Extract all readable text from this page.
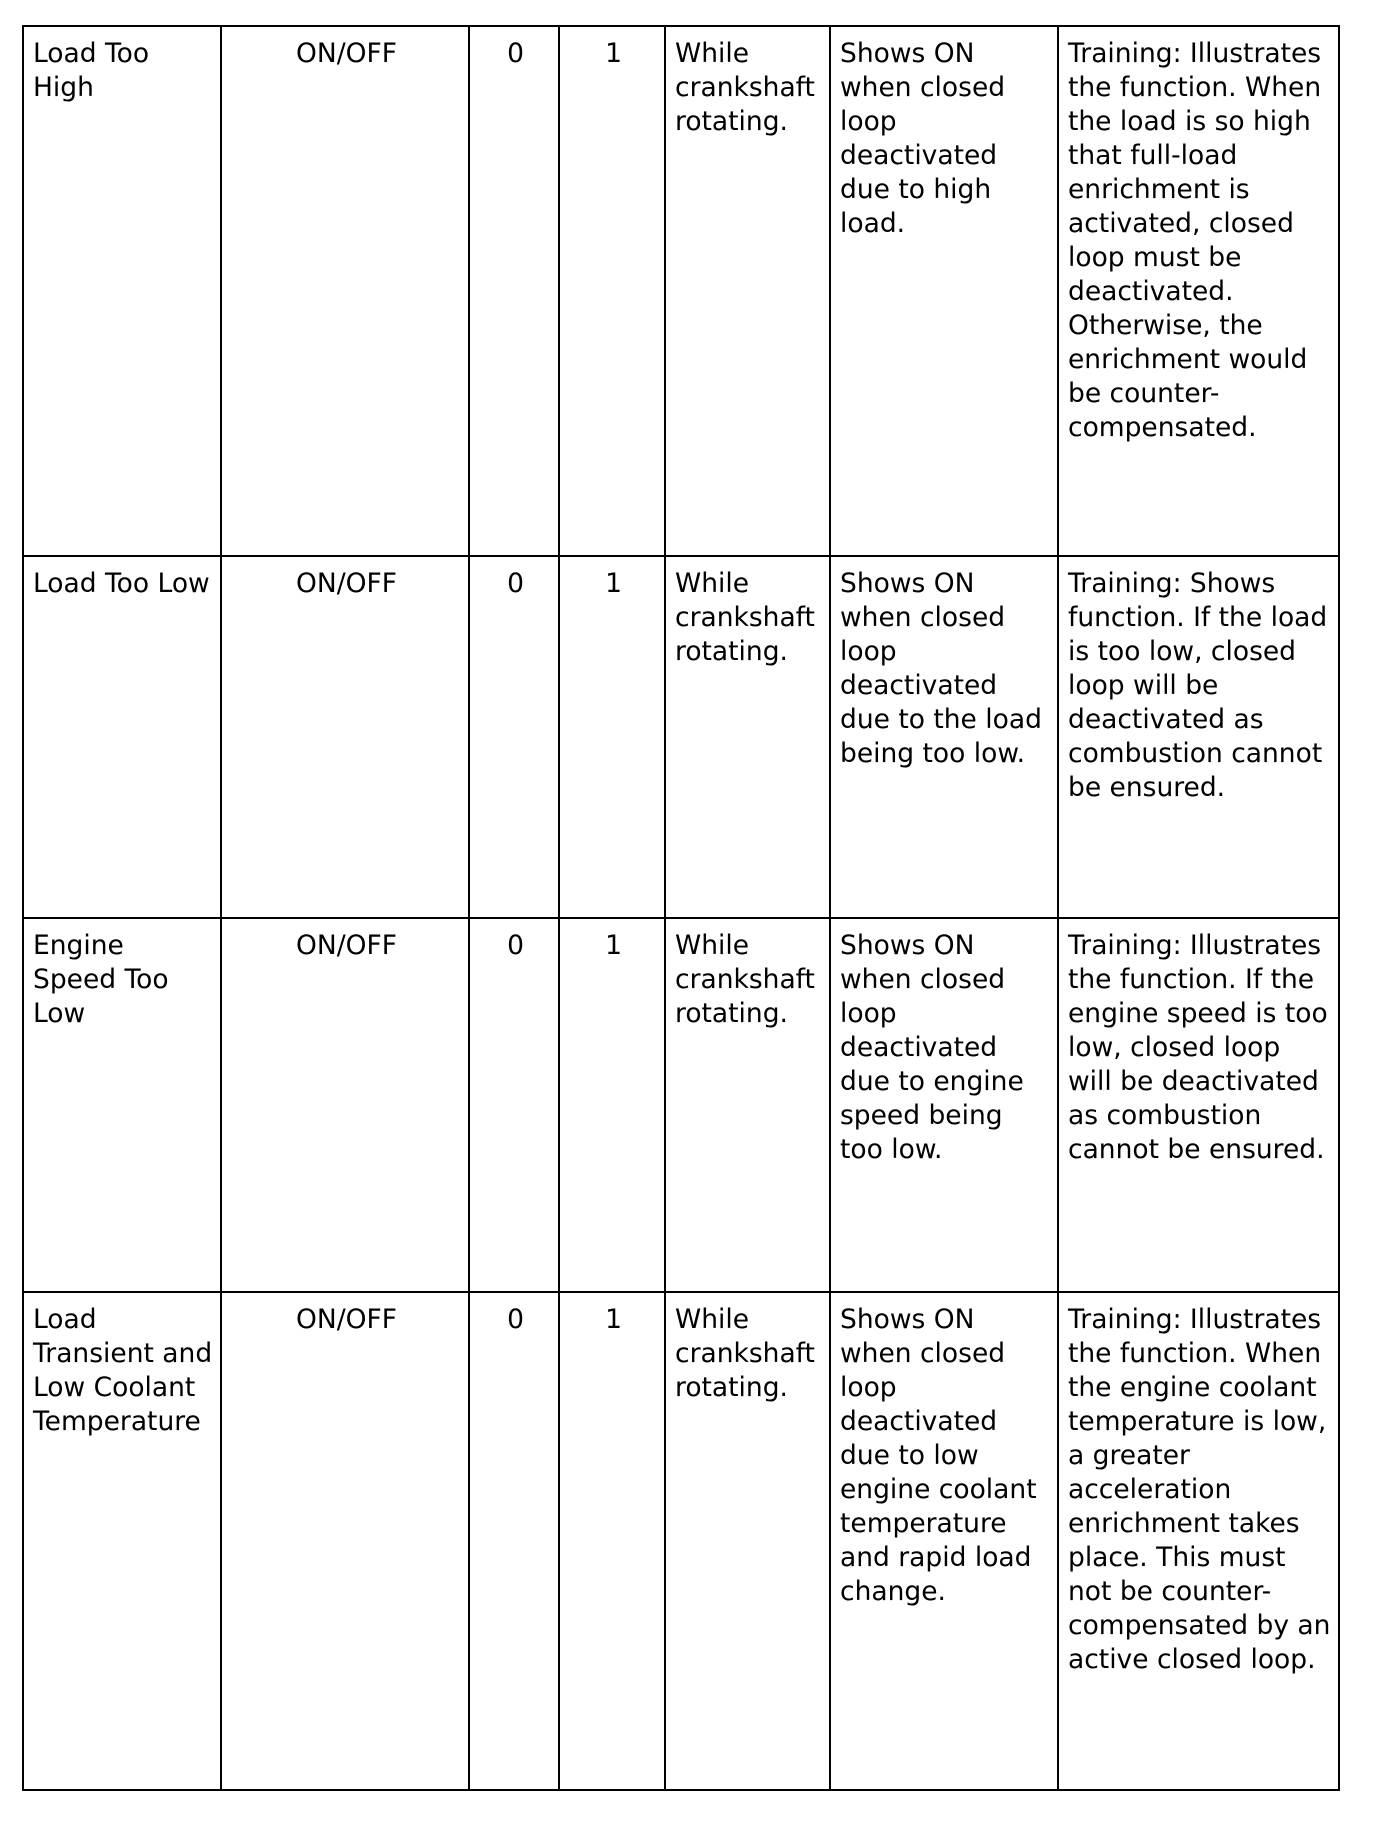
Load Too High	ON/OFF	0	1	While crankshaft rotating.	Shows ON when closed loop deactivated due to high load.	Training: Illustrates the function. When the load is so high that full-load enrichment is activated, closed loop must be deactivated. Otherwise, the enrichment would be counter-compensated.
Load Too Low	ON/OFF	0	1	While crankshaft rotating.	Shows ON when closed loop deactivated due to the load being too low.	Training: Shows function. If the load is too low, closed loop will be deactivated as combustion cannot be ensured.
Engine Speed Too Low	ON/OFF	0	1	While crankshaft rotating.	Shows ON when closed loop deactivated due to engine speed being too low.	Training: Illustrates the function. If the engine speed is too low, closed loop will be deactivated as combustion cannot be ensured.
Load Transient and Low Coolant Temperature	ON/OFF	0	1	While crankshaft rotating.	Shows ON when closed loop deactivated due to low engine coolant temperature and rapid load change.	Training: Illustrates the function. When the engine coolant temperature is low, a greater acceleration enrichment takes place. This must not be counter-compensated by an active closed loop.
